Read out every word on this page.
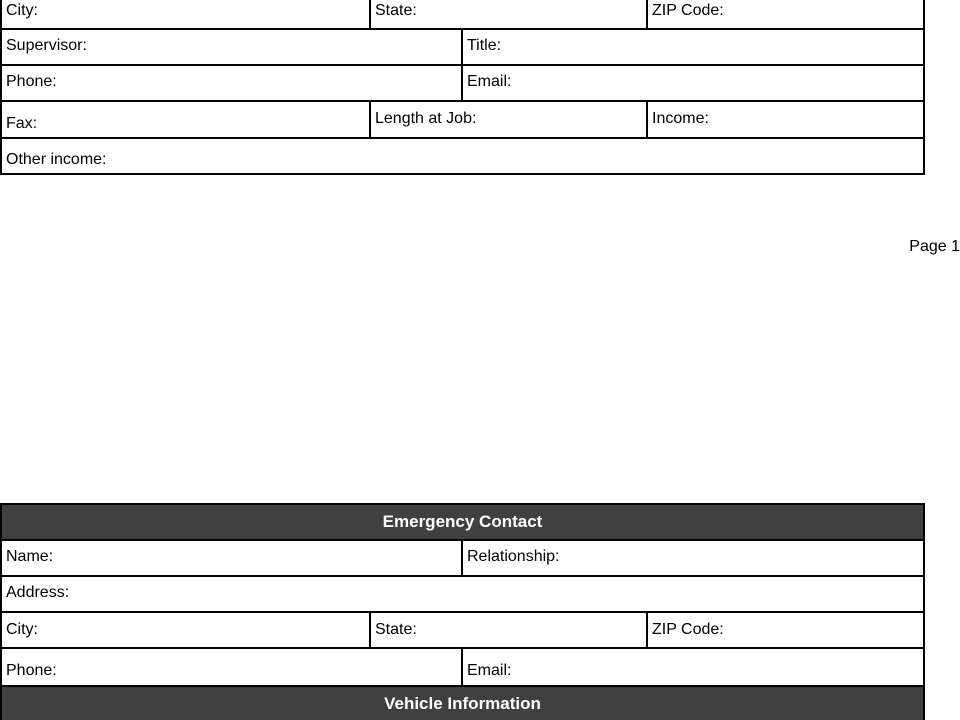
City:	State:	ZIP Code:
Supervisor:	Title:
Phone:	Email:
Fax:	Length at Job:	Income:
Other income:
Page 1
Emergency Contact
Name:	Relationship:
Address:
City:	State:	ZIP Code:
Phone:	Email:
Vehicle Information
